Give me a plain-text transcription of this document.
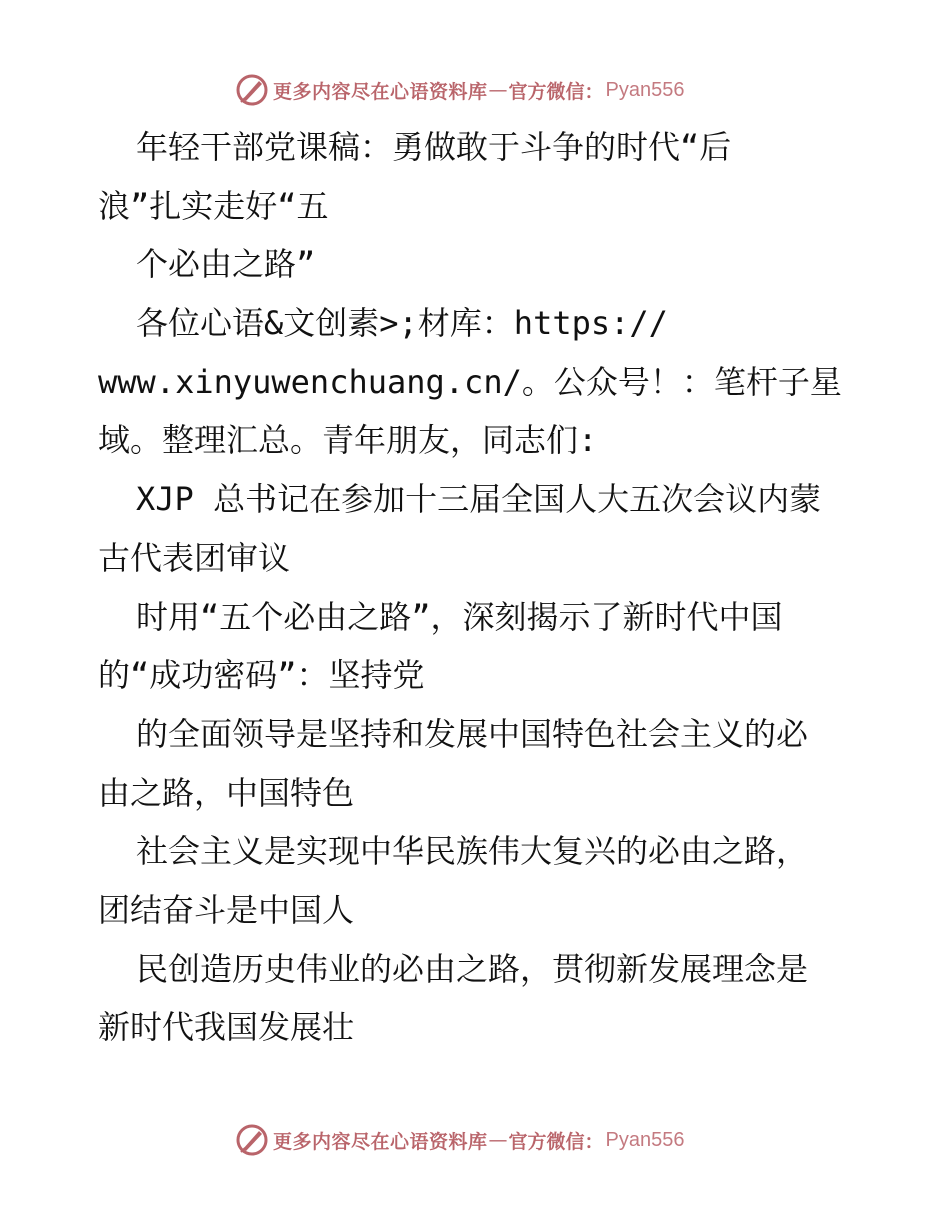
更多内容尽在心语资料库 — 官方微信： Pyan556
年轻干部党课稿：勇做敢于斗争的时代“后
浪”扎实走好“五
个必由之路”
各位心语&文创素>;材库：https://
www.xinyuwenchuang.cn/。公众号！：笔杆子星
域。整理汇总。青年朋友，同志们:
XJP 总书记在参加十三届全国人大五次会议内蒙
古代表团审议
时用“五个必由之路”，深刻揭示了新时代中国
的“成功密码”：坚持党
的全面领导是坚持和发展中国特色社会主义的必
由之路，中国特色
社会主义是实现中华民族伟大复兴的必由之路，
团结奋斗是中国人
民创造历史伟业的必由之路，贯彻新发展理念是
新时代我国发展壮
更多内容尽在心语资料库 — 官方微信： Pyan556
